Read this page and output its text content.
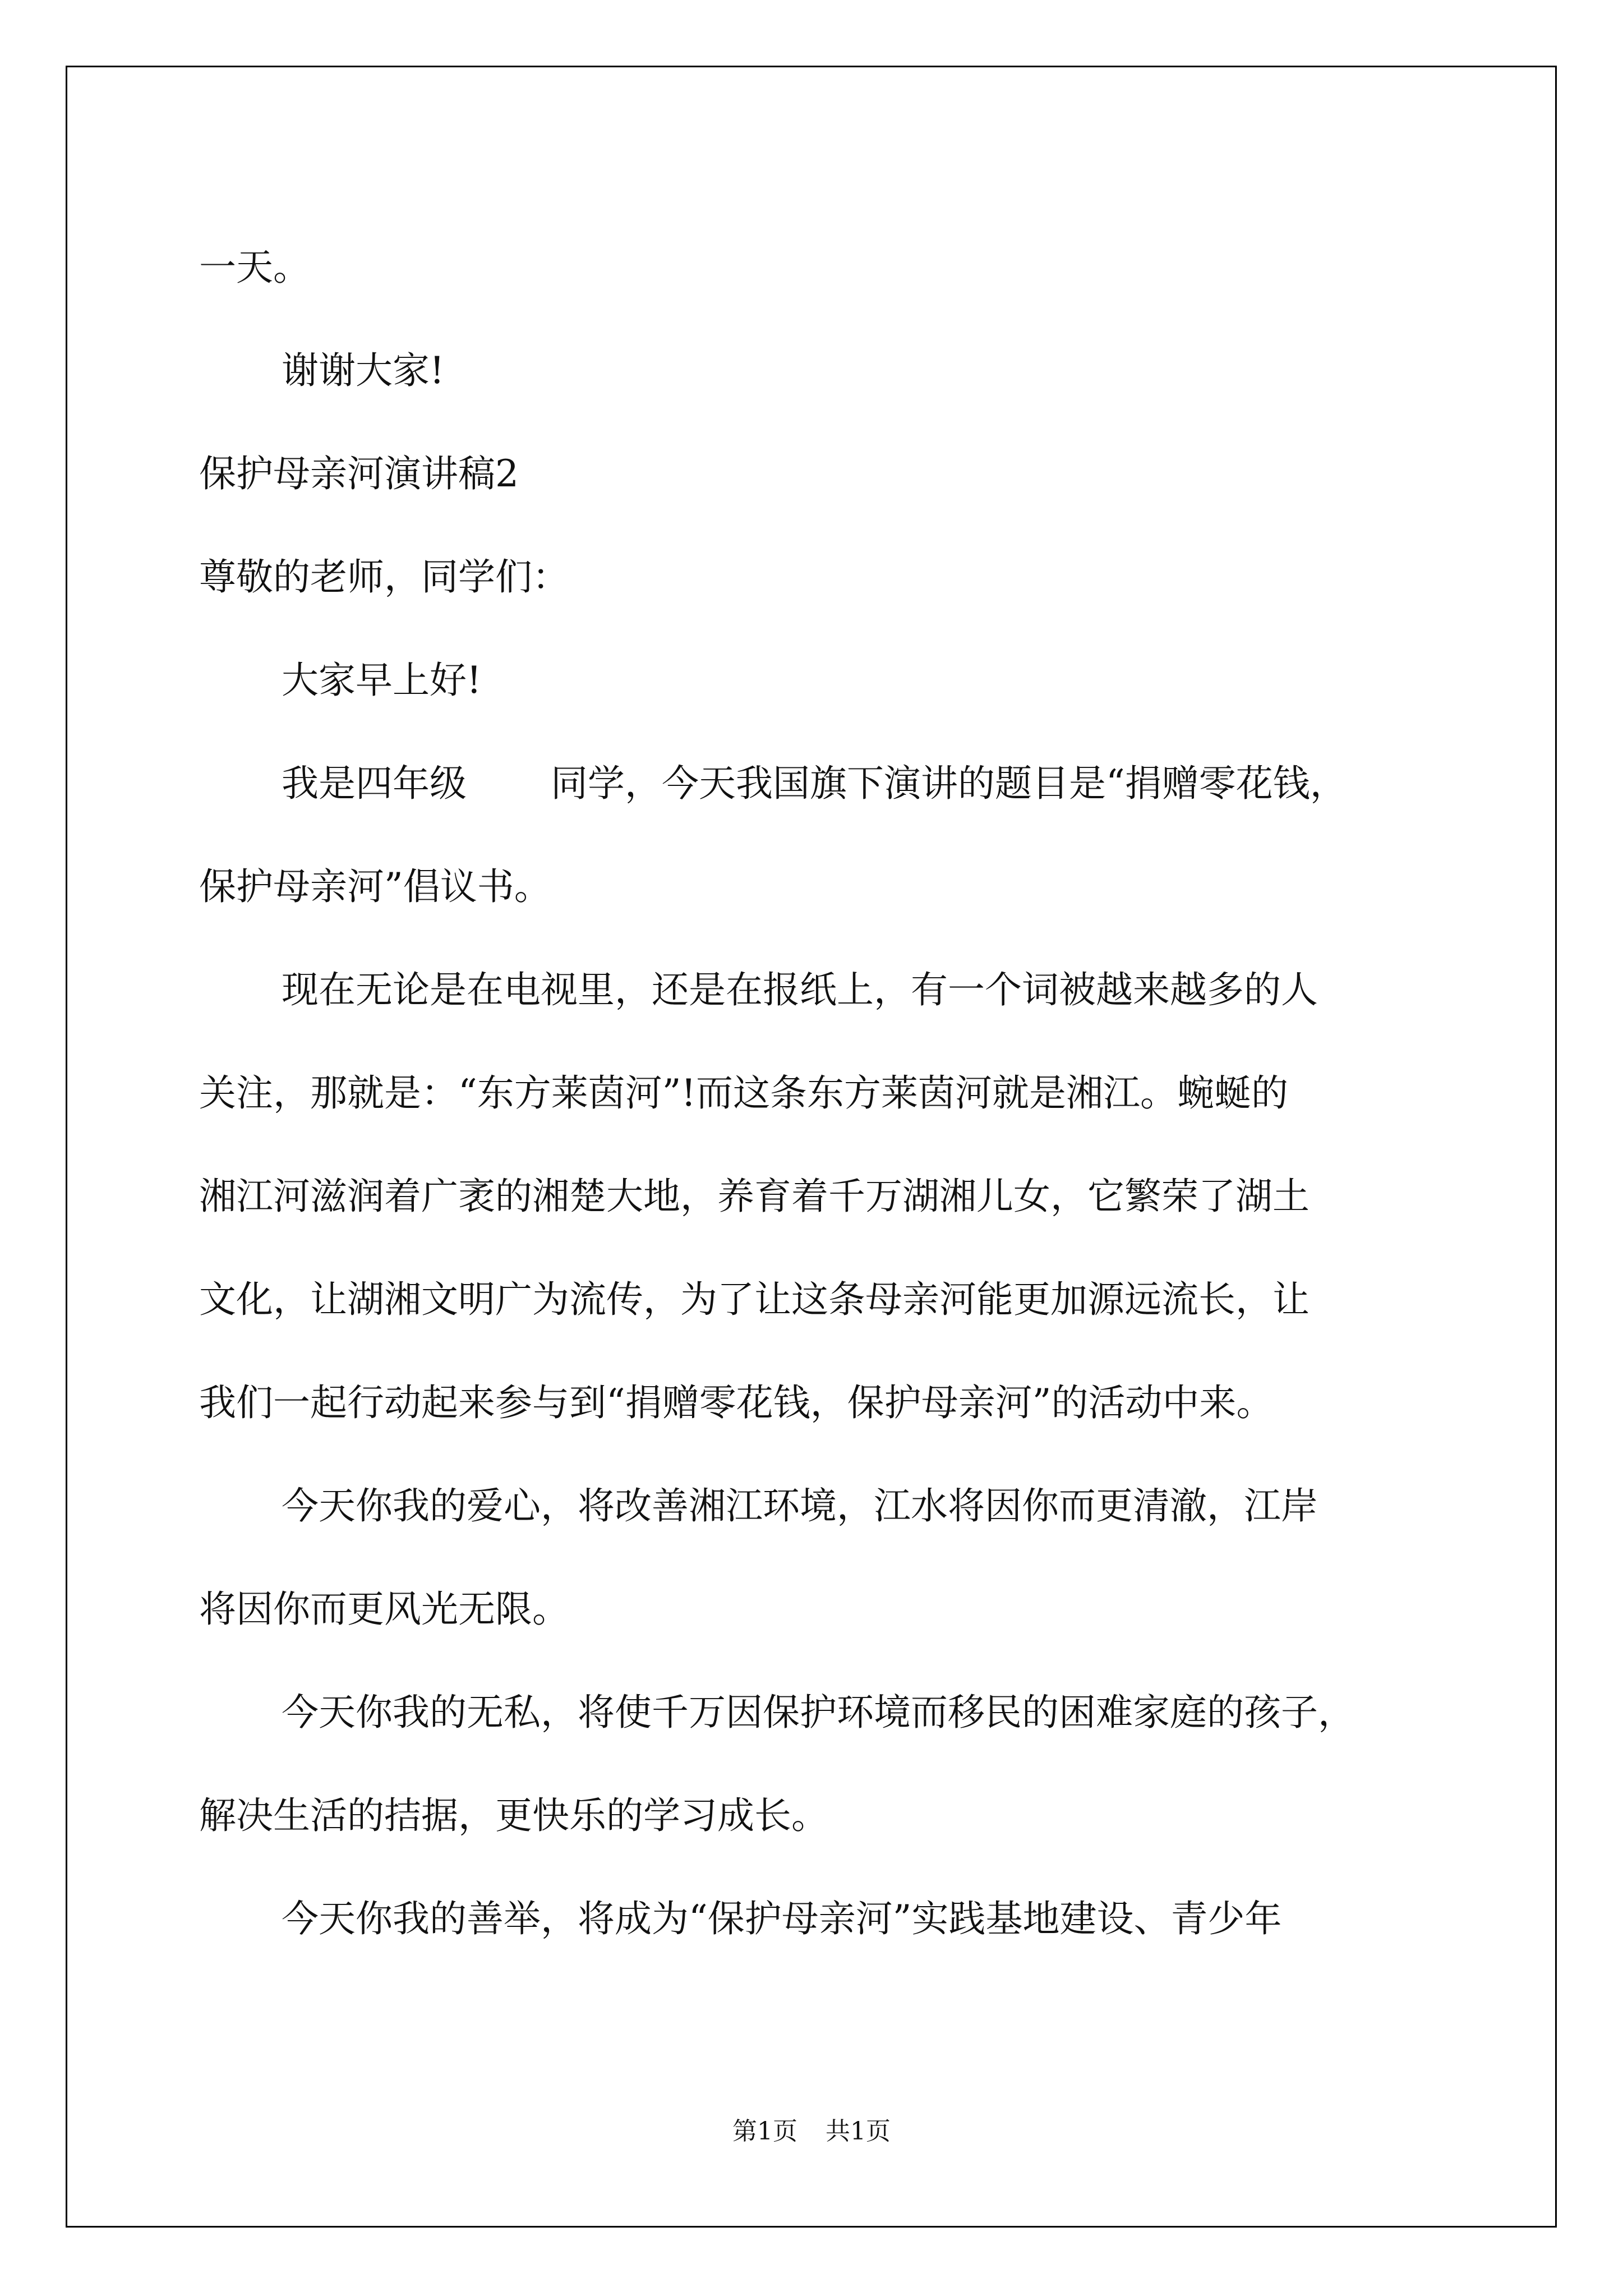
一天。
谢谢大家!
保护母亲河演讲稿2
尊敬的老师，同学们：
大家早上好!
我是四年级 同学，今天我国旗下演讲的题目是“捐赠零花钱，
保护母亲河”倡议书。
现在无论是在电视里，还是在报纸上，有一个词被越来越多的人
关注，那就是：“东方莱茵河”!而这条东方莱茵河就是湘江。蜿蜒的
湘江河滋润着广袤的湘楚大地，养育着千万湖湘儿女，它繁荣了湖土
文化，让湖湘文明广为流传，为了让这条母亲河能更加源远流长，让
我们一起行动起来参与到“捐赠零花钱，保护母亲河”的活动中来。
今天你我的爱心，将改善湘江环境，江水将因你而更清澈，江岸
将因你而更风光无限。
今天你我的无私，将使千万因保护环境而移民的困难家庭的孩子，
解决生活的拮据，更快乐的学习成长。
今天你我的善举，将成为“保护母亲河”实践基地建设、青少年
第1页 共1页
